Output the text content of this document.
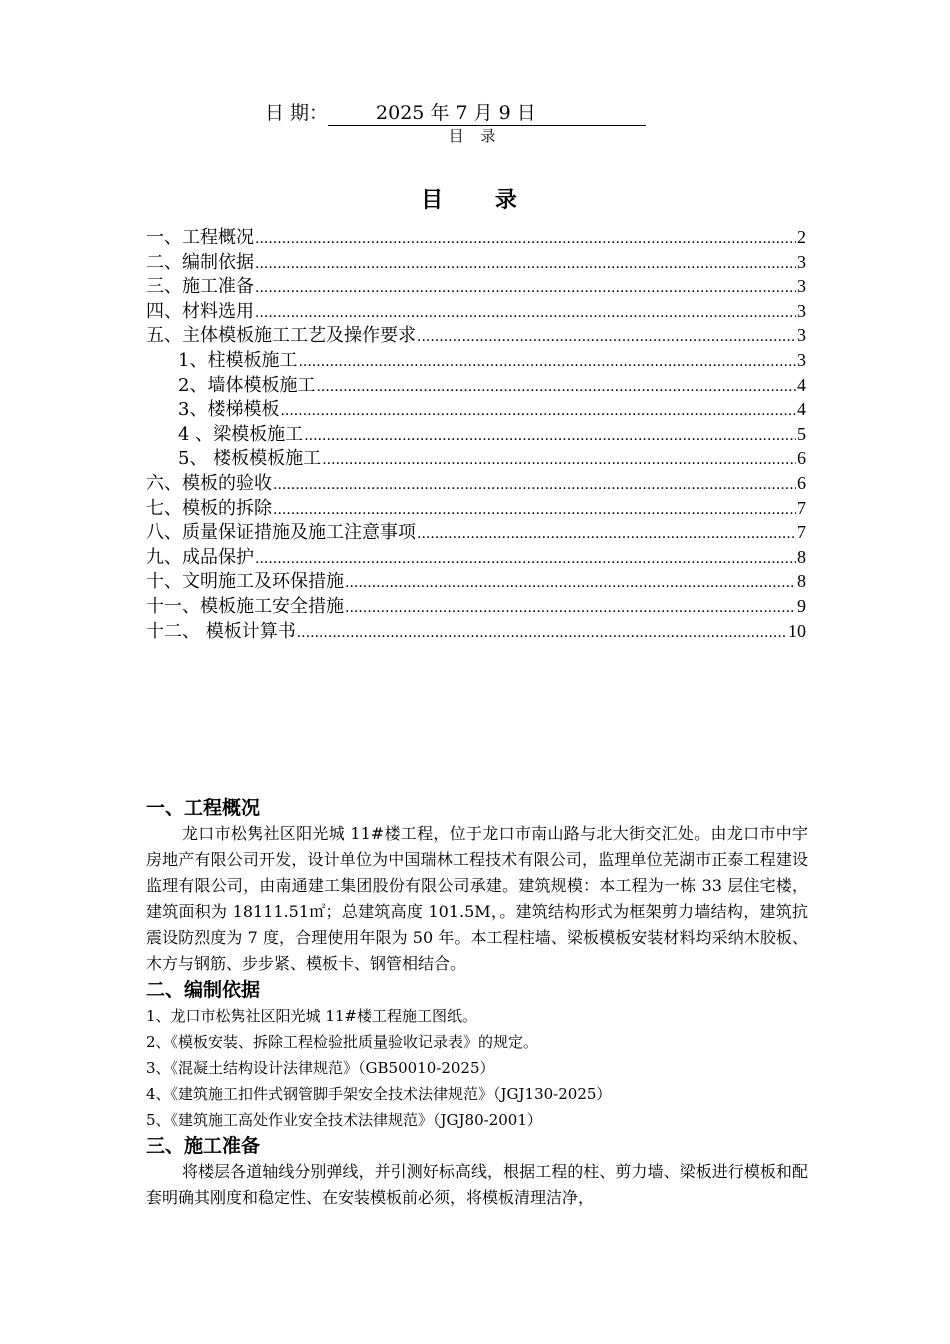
日 期：	2025 年 7 月 9 日
目 录
目 录
一、工程概况 .....	2
二、编制依据 .....	3
三、施工准备 .....	3
四、材料选用 .....	3
五、主体模板施工工艺及操作要求 .....	3
1、柱模板施工 .....	3
2、墙体模板施工 .....	4
3、楼梯模板 .....	4
4 、梁模板施工 .....	5
5、 楼板模板施工 .....	6
六、模板的验收 .....	6
七、模板的拆除 .....	7
八、质量保证措施及施工注意事项 .....	7
九、成品保护 .....	8
十、文明施工及环保措施 .....	8
十一、模板施工安全措施 .....	9
十二、 模板计算书 .....	10
一、工程概况

龙口市松隽社区阳光城 11#楼工程，位于龙口市南山路与北大街交汇处。由龙口市中宇房地产有限公司开发，设计单位为中国瑞林工程技术有限公司，监理单位芜湖市正泰工程建设监理有限公司，由南通建工集团股份有限公司承建。建筑规模：本工程为一栋 33 层住宅楼，建筑面积为 18111.51㎡；总建筑高度 101.5M，。建筑结构形式为框架剪力墙结构，建筑抗震设防烈度为 7 度，合理使用年限为 50 年。本工程柱墙、梁板模板安装材料均采纳木胶板、木方与钢筋、步步紧、模板卡、钢管相结合。

二、编制依据

1、龙口市松隽社区阳光城 11#楼工程施工图纸。

2、《模板安装、拆除工程检验批质量验收记录表》的规定。

3、《混凝土结构设计法律规范》（GB50010-2025）

4、《建筑施工扣件式钢管脚手架安全技术法律规范》（JGJ130-2025）

5、《建筑施工高处作业安全技术法律规范》（JGJ80-2001）

三、施工准备

将楼层各道轴线分别弹线，并引测好标高线，根据工程的柱、剪力墙、梁板进行模板和配套明确其刚度和稳定性、在安装模板前必须，将模板清理洁净，
